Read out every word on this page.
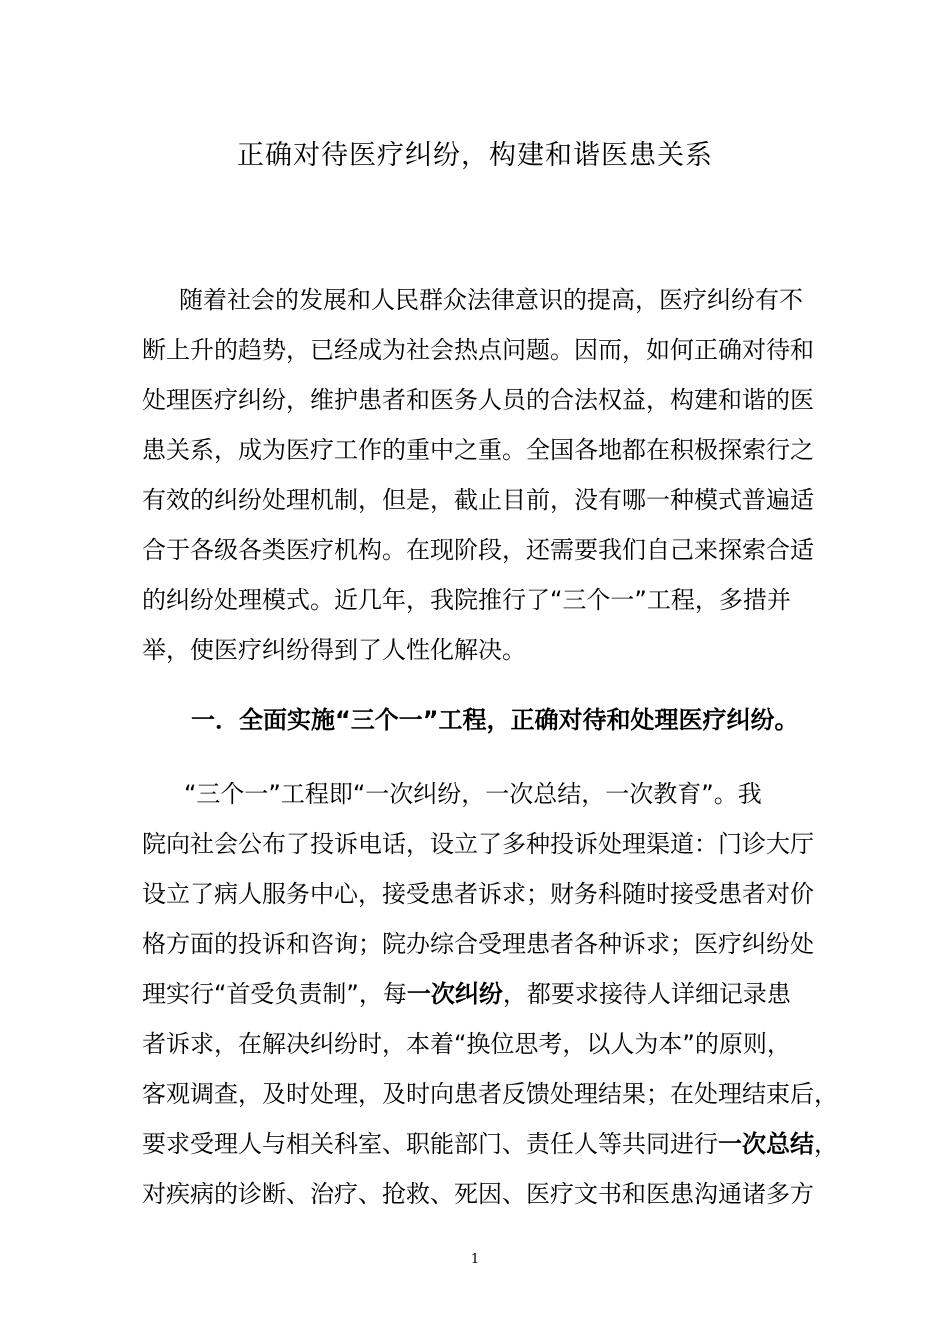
正确对待医疗纠纷，构建和谐医患关系
随着社会的发展和人民群众法律意识的提高，医疗纠纷有不
断上升的趋势，已经成为社会热点问题。因而，如何正确对待和
处理医疗纠纷，维护患者和医务人员的合法权益，构建和谐的医
患关系，成为医疗工作的重中之重。全国各地都在积极探索行之
有效的纠纷处理机制，但是，截止目前，没有哪一种模式普遍适
合于各级各类医疗机构。在现阶段，还需要我们自己来探索合适
的纠纷处理模式。近几年，我院推行了“三个一”工程，多措并
举，使医疗纠纷得到了人性化解决。
一．全面实施“三个一”工程，正确对待和处理医疗纠纷。
“三个一”工程即“一次纠纷，一次总结，一次教育”。我
院向社会公布了投诉电话，设立了多种投诉处理渠道：门诊大厅
设立了病人服务中心，接受患者诉求；财务科随时接受患者对价
格方面的投诉和咨询；院办综合受理患者各种诉求；医疗纠纷处
理实行“首受负责制”，每一次纠纷，都要求接待人详细记录患
者诉求，在解决纠纷时，本着“换位思考，以人为本”的原则，
客观调查，及时处理，及时向患者反馈处理结果；在处理结束后，
要求受理人与相关科室、职能部门、责任人等共同进行一次总结，
对疾病的诊断、治疗、抢救、死因、医疗文书和医患沟通诸多方
1
